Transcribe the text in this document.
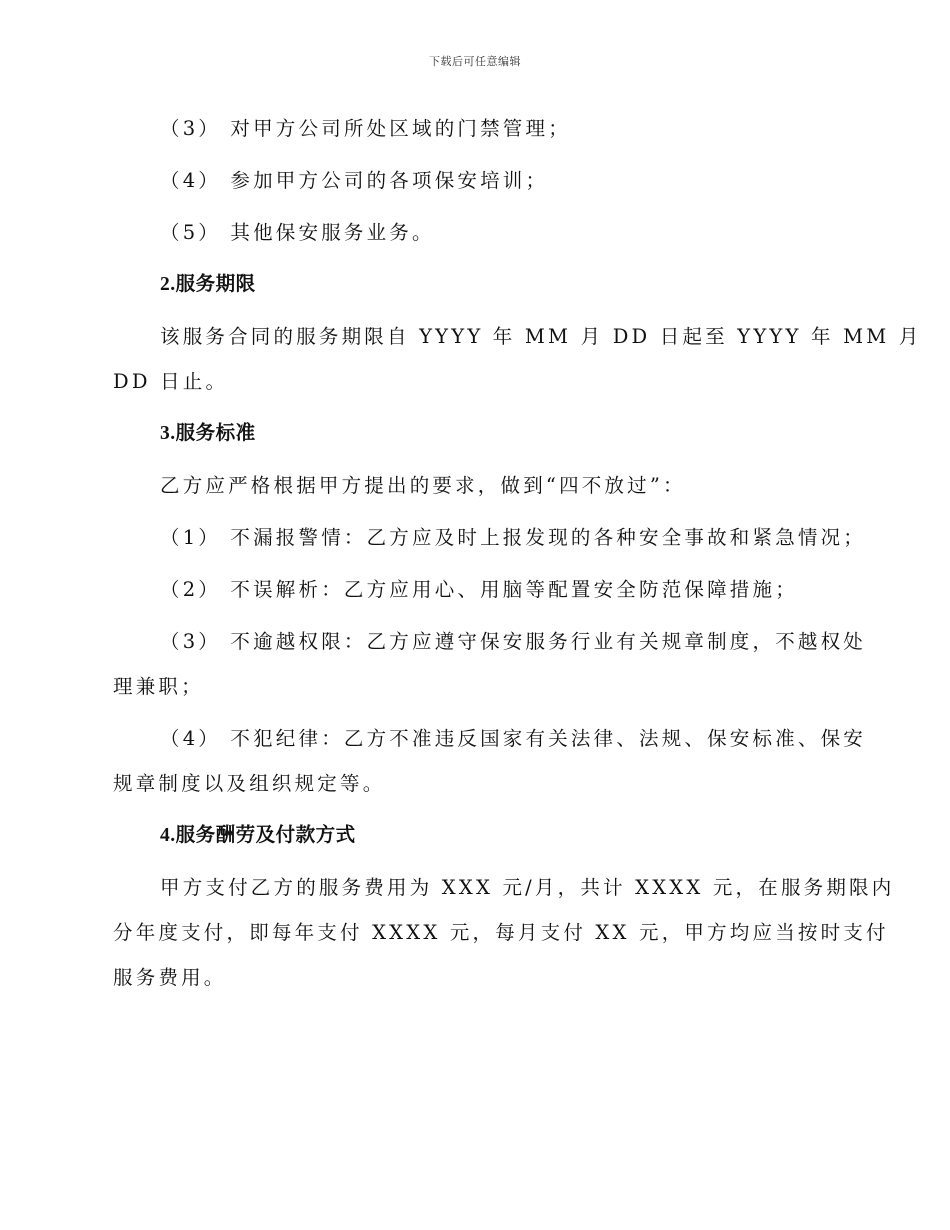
下载后可任意编辑
（3） 对甲方公司所处区域的门禁管理；
（4） 参加甲方公司的各项保安培训；
（5） 其他保安服务业务。
2.服务期限
该服务合同的服务期限自 YYYY 年 MM 月 DD 日起至 YYYY 年 MM 月
DD 日止。
3.服务标准
乙方应严格根据甲方提出的要求，做到“四不放过”：
（1） 不漏报警情：乙方应及时上报发现的各种安全事故和紧急情况；
（2） 不误解析：乙方应用心、用脑等配置安全防范保障措施；
（3） 不逾越权限：乙方应遵守保安服务行业有关规章制度，不越权处
理兼职；
（4） 不犯纪律：乙方不准违反国家有关法律、法规、保安标准、保安
规章制度以及组织规定等。
4.服务酬劳及付款方式
甲方支付乙方的服务费用为 XXX 元/月，共计 XXXX 元，在服务期限内
分年度支付，即每年支付 XXXX 元，每月支付 XX 元，甲方均应当按时支付
服务费用。
